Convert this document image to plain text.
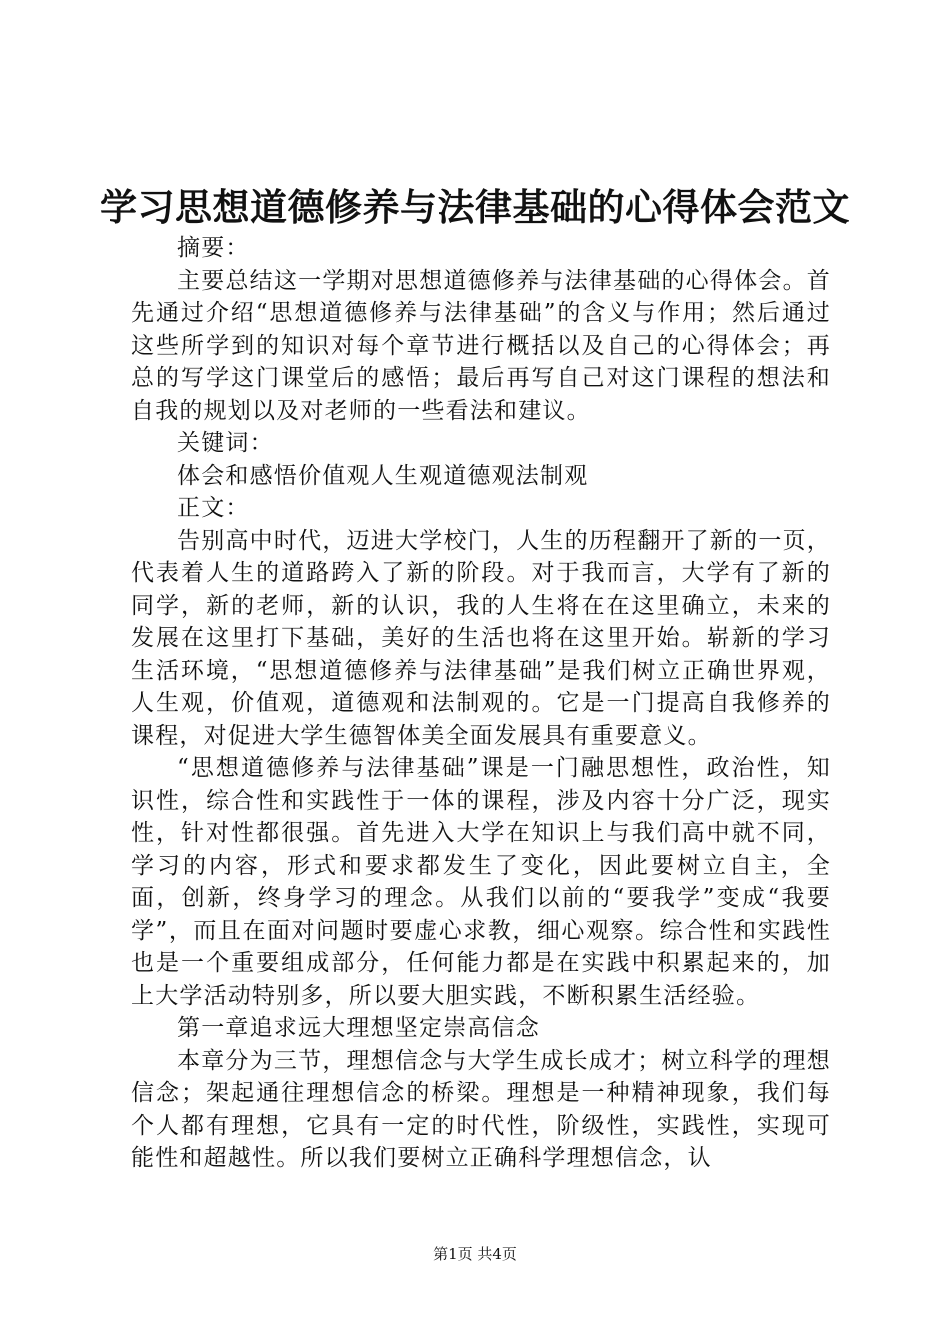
学习思想道德修养与法律基础的心得体会范文

摘要：

主要总结这一学期对思想道德修养与法律基础的心得体会。首先通过介绍“思想道德修养与法律基础”的含义与作用；然后通过这些所学到的知识对每个章节进行概括以及自己的心得体会；再总的写学这门课堂后的感悟；最后再写自己对这门课程的想法和自我的规划以及对老师的一些看法和建议。

关键词：

体会和感悟价值观人生观道德观法制观

正文：

告别高中时代，迈进大学校门，人生的历程翻开了新的一页，代表着人生的道路跨入了新的阶段。对于我而言，大学有了新的同学，新的老师，新的认识，我的人生将在在这里确立，未来的发展在这里打下基础，美好的生活也将在这里开始。崭新的学习生活环境，“思想道德修养与法律基础”是我们树立正确世界观，人生观，价值观，道德观和法制观的。它是一门提高自我修养的课程，对促进大学生德智体美全面发展具有重要意义。

“思想道德修养与法律基础”课是一门融思想性，政治性，知识性，综合性和实践性于一体的课程，涉及内容十分广泛，现实性，针对性都很强。首先进入大学在知识上与我们高中就不同，学习的内容，形式和要求都发生了变化，因此要树立自主，全面，创新，终身学习的理念。从我们以前的“要我学”变成“我要学”，而且在面对问题时要虚心求教，细心观察。综合性和实践性也是一个重要组成部分，任何能力都是在实践中积累起来的，加上大学活动特别多，所以要大胆实践，不断积累生活经验。

第一章追求远大理想坚定崇高信念

本章分为三节，理想信念与大学生成长成才；树立科学的理想信念；架起通往理想信念的桥梁。理想是一种精神现象，我们每个人都有理想，它具有一定的时代性，阶级性，实践性，实现可能性和超越性。所以我们要树立正确科学理想信念，认

第1页 共4页
